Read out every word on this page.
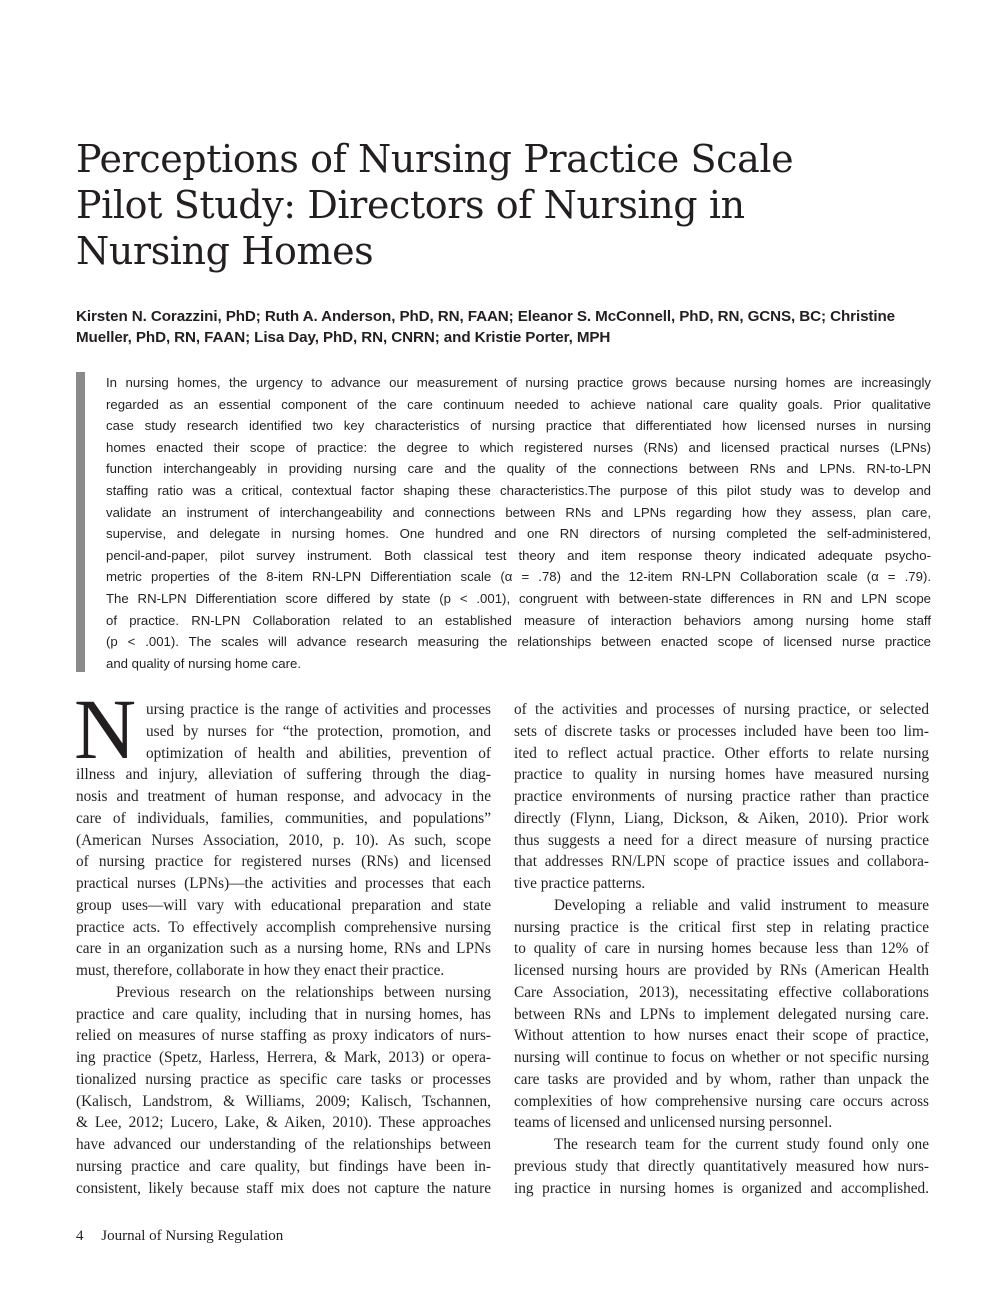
Perceptions of Nursing Practice Scale
Pilot Study: Directors of Nursing in
Nursing Homes
Kirsten N. Corazzini, PhD; Ruth A. Anderson, PhD, RN, FAAN; Eleanor S. McConnell, PhD, RN, GCNS, BC; Christine
Mueller, PhD, RN, FAAN; Lisa Day, PhD, RN, CNRN; and Kristie Porter, MPH
In nursing homes, the urgency to advance our measurement of nursing practice grows because nursing homes are increasingly
regarded as an essential component of the care continuum needed to achieve national care quality goals. Prior qualitative
case study research identified two key characteristics of nursing practice that differentiated how licensed nurses in nursing
homes enacted their scope of practice: the degree to which registered nurses (RNs) and licensed practical nurses (LPNs)
function interchangeably in providing nursing care and the quality of the connections between RNs and LPNs. RN-to-LPN
staffing ratio was a critical, contextual factor shaping these characteristics.The purpose of this pilot study was to develop and
validate an instrument of interchangeability and connections between RNs and LPNs regarding how they assess, plan care,
supervise, and delegate in nursing homes. One hundred and one RN directors of nursing completed the self-administered,
pencil-and-paper, pilot survey instrument. Both classical test theory and item response theory indicated adequate psycho-
metric properties of the 8-item RN-LPN Differentiation scale (α = .78) and the 12-item RN-LPN Collaboration scale (α = .79).
The RN-LPN Differentiation score differed by state (p < .001), congruent with between-state differences in RN and LPN scope
of practice. RN-LPN Collaboration related to an established measure of interaction behaviors among nursing home staff
(p < .001). The scales will advance research measuring the relationships between enacted scope of licensed nurse practice
and quality of nursing home care.
N ursing practice is the range of activities and processes
used by nurses for “the protection, promotion, and
optimization of health and abilities, prevention of
illness and injury, alleviation of suffering through the diag-
nosis and treatment of human response, and advocacy in the
care of individuals, families, communities, and populations”
(American Nurses Association, 2010, p. 10). As such, scope
of nursing practice for registered nurses (RNs) and licensed
practical nurses (LPNs)—the activities and processes that each
group uses—will vary with educational preparation and state
practice acts. To effectively accomplish comprehensive nursing
care in an organization such as a nursing home, RNs and LPNs
must, therefore, collaborate in how they enact their practice.
Previous research on the relationships between nursing
practice and care quality, including that in nursing homes, has
relied on measures of nurse staffing as proxy indicators of nurs-
ing practice (Spetz, Harless, Herrera, & Mark, 2013) or opera-
tionalized nursing practice as specific care tasks or processes
(Kalisch, Landstrom, & Williams, 2009; Kalisch, Tschannen,
& Lee, 2012; Lucero, Lake, & Aiken, 2010). These approaches
have advanced our understanding of the relationships between
nursing practice and care quality, but findings have been in-
consistent, likely because staff mix does not capture the nature
of the activities and processes of nursing practice, or selected
sets of discrete tasks or processes included have been too lim-
ited to reflect actual practice. Other efforts to relate nursing
practice to quality in nursing homes have measured nursing
practice environments of nursing practice rather than practice
directly (Flynn, Liang, Dickson, & Aiken, 2010). Prior work
thus suggests a need for a direct measure of nursing practice
that addresses RN/LPN scope of practice issues and collabora-
tive practice patterns.
Developing a reliable and valid instrument to measure
nursing practice is the critical first step in relating practice
to quality of care in nursing homes because less than 12% of
licensed nursing hours are provided by RNs (American Health
Care Association, 2013), necessitating effective collaborations
between RNs and LPNs to implement delegated nursing care.
Without attention to how nurses enact their scope of practice,
nursing will continue to focus on whether or not specific nursing
care tasks are provided and by whom, rather than unpack the
complexities of how comprehensive nursing care occurs across
teams of licensed and unlicensed nursing personnel.
The research team for the current study found only one
previous study that directly quantitatively measured how nurs-
ing practice in nursing homes is organized and accomplished.
4 Journal of Nursing Regulation
